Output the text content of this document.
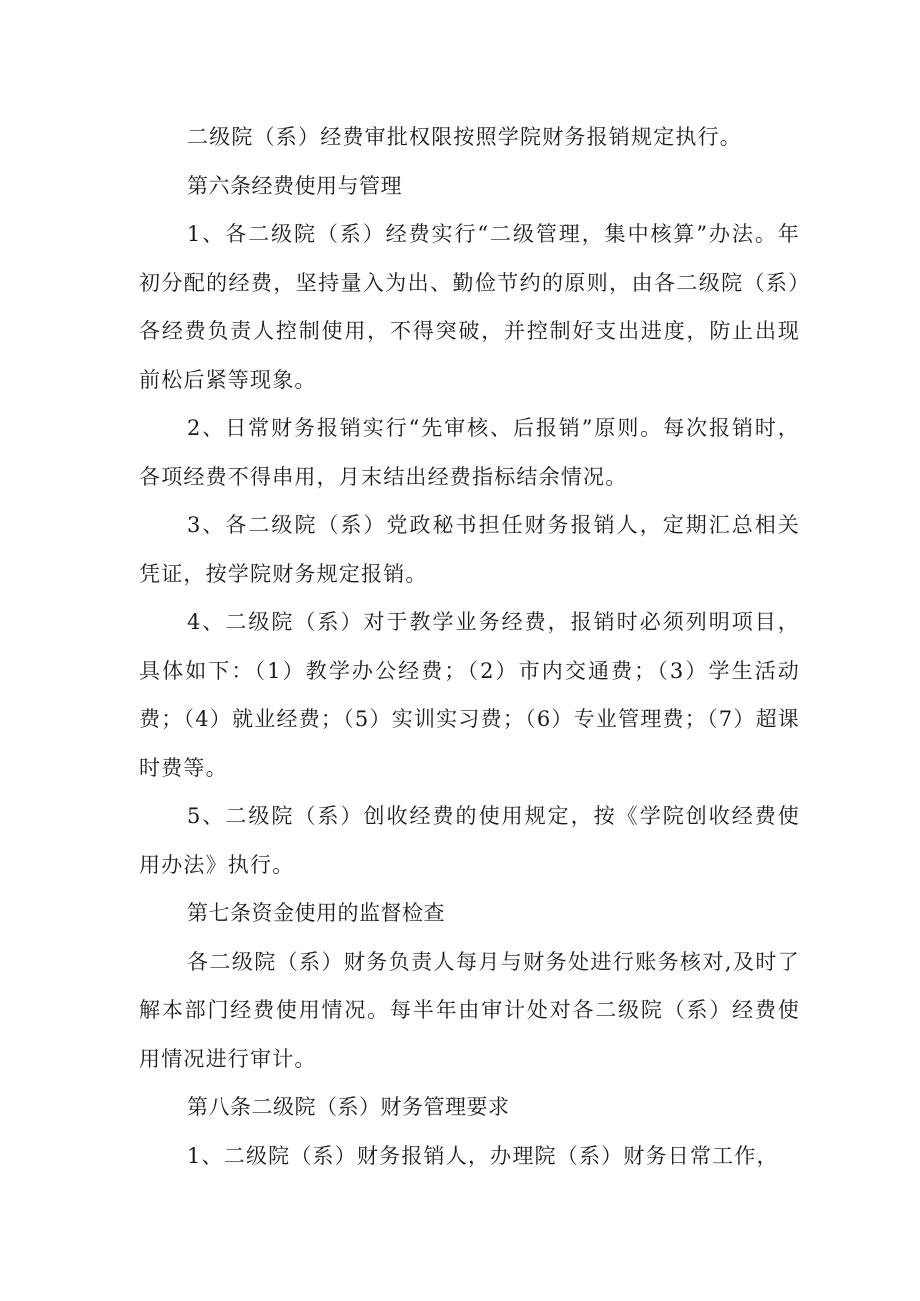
二级院（系）经费审批权限按照学院财务报销规定执行。

第六条经费使用与管理

1、各二级院（系）经费实行“二级管理，集中核算”办法。年初分配的经费，坚持量入为出、勤俭节约的原则，由各二级院（系）各经费负责人控制使用，不得突破，并控制好支出进度，防止出现前松后紧等现象。

2、日常财务报销实行“先审核、后报销”原则。每次报销时，各项经费不得串用，月末结出经费指标结余情况。

3、各二级院（系）党政秘书担任财务报销人，定期汇总相关凭证，按学院财务规定报销。

4、二级院（系）对于教学业务经费，报销时必须列明项目，具体如下：（1）教学办公经费；（2）市内交通费；（3）学生活动费；（4）就业经费；（5）实训实习费；（6）专业管理费；（7）超课时费等。

5、二级院（系）创收经费的使用规定，按《学院创收经费使用办法》执行。

第七条资金使用的监督检查

各二级院（系）财务负责人每月与财务处进行账务核对,及时了解本部门经费使用情况。每半年由审计处对各二级院（系）经费使用情况进行审计。

第八条二级院（系）财务管理要求

1、二级院（系）财务报销人，办理院（系）财务日常工作，
